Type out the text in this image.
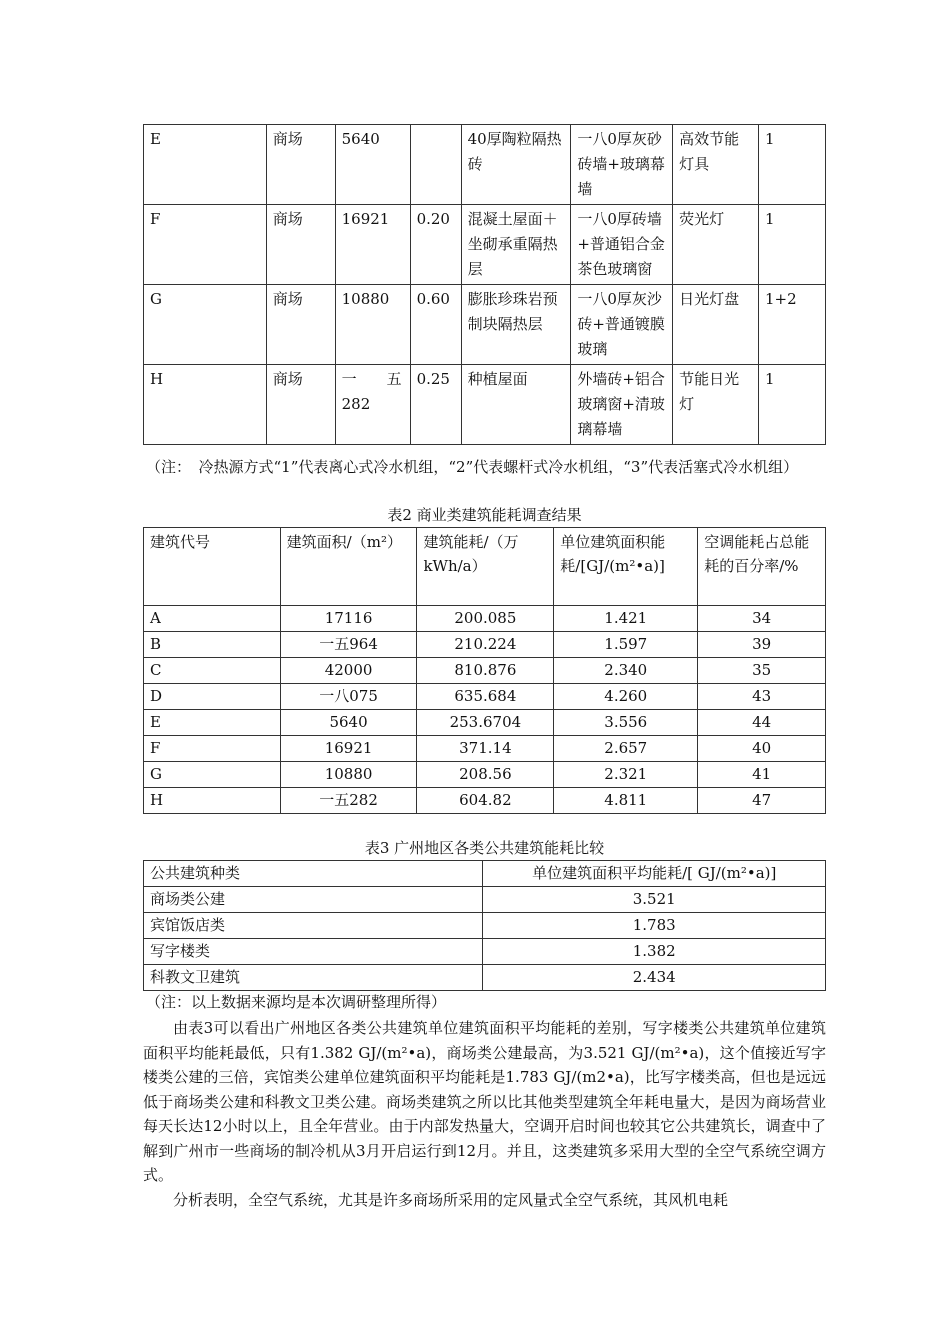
E	商场	5640		40厚陶粒隔热砖	一八0厚灰砂砖墙+玻璃幕墙	高效节能灯具	1
F	商场	16921	0.20	混凝土屋面＋坐砌承重隔热层	一八0厚砖墙+普通铝合金茶色玻璃窗	荧光灯	1
G	商场	10880	0.60	膨胀珍珠岩预制块隔热层	一八0厚灰沙砖+普通镀膜玻璃	日光灯盘	1+2
H	商场	一　　五282	0.25	种植屋面	外墙砖+铝合玻璃窗+清玻璃幕墙	节能日光灯	1
（注：　冷热源方式“1”代表离心式冷水机组，“2”代表螺杆式冷水机组，“3”代表活塞式冷水机组）
表2 商业类建筑能耗调查结果
建筑代号	建筑面积/（m²）	建筑能耗/（万kWh/a）	单位建筑面积能耗/[GJ/(m²•a)]	空调能耗占总能耗的百分率/%
A	17116	200.085	1.421	34
B	一五964	210.224	1.597	39
C	42000	810.876	2.340	35
D	一八075	635.684	4.260	43
E	5640	253.6704	3.556	44
F	16921	371.14	2.657	40
G	10880	208.56	2.321	41
H	一五282	604.82	4.811	47
表3 广州地区各类公共建筑能耗比较
公共建筑种类	单位建筑面积平均能耗/[ GJ/(m²•a)]
商场类公建	3.521
宾馆饭店类	1.783
写字楼类	1.382
科教文卫建筑	2.434
（注：以上数据来源均是本次调研整理所得）
由表3可以看出广州地区各类公共建筑单位建筑面积平均能耗的差别，写字楼类公共建筑单位建筑面积平均能耗最低，只有1.382 GJ/(m²•a)，商场类公建最高，为3.521 GJ/(m²•a)，这个值接近写字楼类公建的三倍，宾馆类公建单位建筑面积平均能耗是1.783 GJ/(m2•a)，比写字楼类高，但也是远远低于商场类公建和科教文卫类公建。商场类建筑之所以比其他类型建筑全年耗电量大，是因为商场营业每天长达12小时以上，且全年营业。由于内部发热量大，空调开启时间也较其它公共建筑长，调查中了解到广州市一些商场的制冷机从3月开启运行到12月。并且，这类建筑多采用大型的全空气系统空调方式。
分析表明，全空气系统，尤其是许多商场所采用的定风量式全空气系统，其风机电耗
